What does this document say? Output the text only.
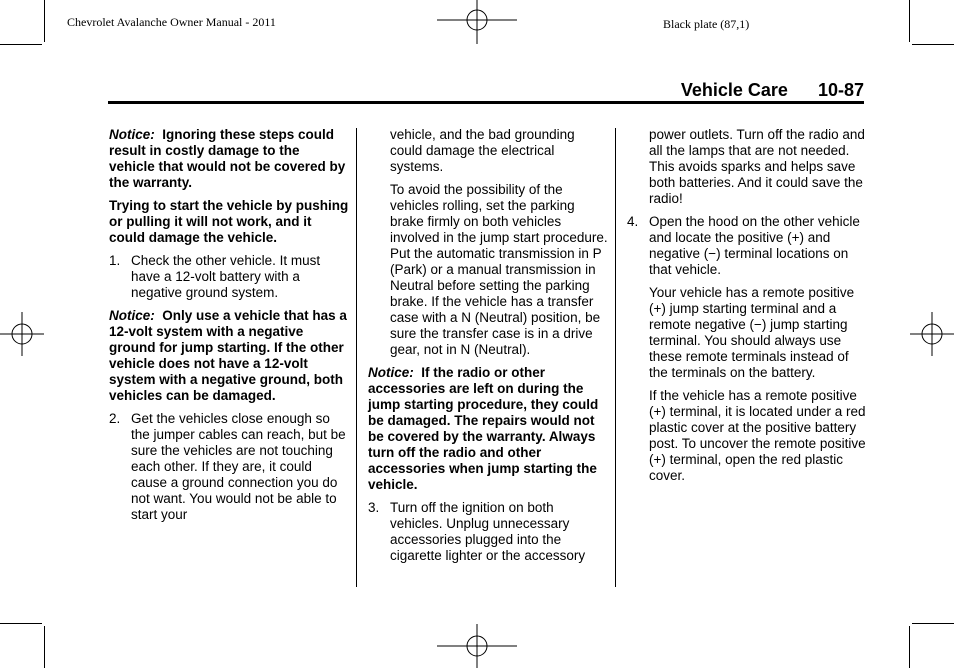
Chevrolet Avalanche Owner Manual - 2011	Black plate (87,1)
Vehicle Care 10-87

Notice: Ignoring these steps could result in costly damage to the vehicle that would not be covered by the warranty.

Trying to start the vehicle by pushing or pulling it will not work, and it could damage the vehicle.

1. Check the other vehicle. It must have a 12-volt battery with a negative ground system.

Notice: Only use a vehicle that has a 12-volt system with a negative ground for jump starting. If the other vehicle does not have a 12-volt system with a negative ground, both vehicles can be damaged.

2. Get the vehicles close enough so the jumper cables can reach, but be sure the vehicles are not touching each other. If they are, it could cause a ground connection you do not want. You would not be able to start your

vehicle, and the bad grounding could damage the electrical systems.

To avoid the possibility of the vehicles rolling, set the parking brake firmly on both vehicles involved in the jump start procedure. Put the automatic transmission in P (Park) or a manual transmission in Neutral before setting the parking brake. If the vehicle has a transfer case with a N (Neutral) position, be sure the transfer case is in a drive gear, not in N (Neutral).

Notice: If the radio or other accessories are left on during the jump starting procedure, they could be damaged. The repairs would not be covered by the warranty. Always turn off the radio and other accessories when jump starting the vehicle.

3. Turn off the ignition on both vehicles. Unplug unnecessary accessories plugged into the cigarette lighter or the accessory

power outlets. Turn off the radio and all the lamps that are not needed. This avoids sparks and helps save both batteries. And it could save the radio!

4. Open the hood on the other vehicle and locate the positive (+) and negative (−) terminal locations on that vehicle.

Your vehicle has a remote positive (+) jump starting terminal and a remote negative (−) jump starting terminal. You should always use these remote terminals instead of the terminals on the battery.

If the vehicle has a remote positive (+) terminal, it is located under a red plastic cover at the positive battery post. To uncover the remote positive (+) terminal, open the red plastic cover.
